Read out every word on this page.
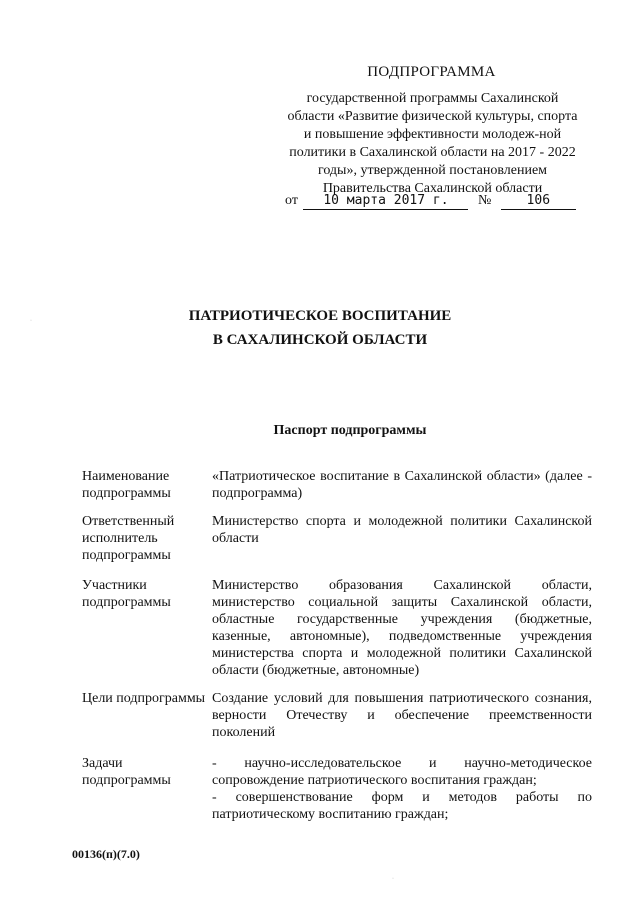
ПОДПРОГРАММА
государственной программы Сахалинской области «Развитие физической культуры, спорта и повышение эффективности молодеж-ной политики в Сахалинской области на 2017 - 2022 годы», утвержденной постановлением Правительства Сахалинской области
от 10 марта 2017 г. №	106
ПАТРИОТИЧЕСКОЕ ВОСПИТАНИЕ
В САХАЛИНСКОЙ ОБЛАСТИ
Паспорт подпрограммы
Наименование подпрограммы
«Патриотическое воспитание в Сахалинской области» (далее - подпрограмма)
Ответственный исполнитель подпрограммы
Министерство спорта и молодежной политики Сахалинской области
Участники подпрограммы
Министерство образования Сахалинской области, министерство социальной защиты Сахалинской области, областные государственные учреждения (бюджетные, казенные, автономные), подведомственные учреждения министерства спорта и молодежной политики Сахалинской области (бюджетные, автономные)
Цели подпрограммы Создание условий для повышения патриотического сознания, верности Отечеству и обеспечение преемственности поколений
Задачи подпрограммы
- научно-исследовательское и научно-методическое сопровождение патриотического воспитания граждан;
- совершенствование форм и методов работы по патриотическому воспитанию граждан;
00136(п)(7.0)
·
·
